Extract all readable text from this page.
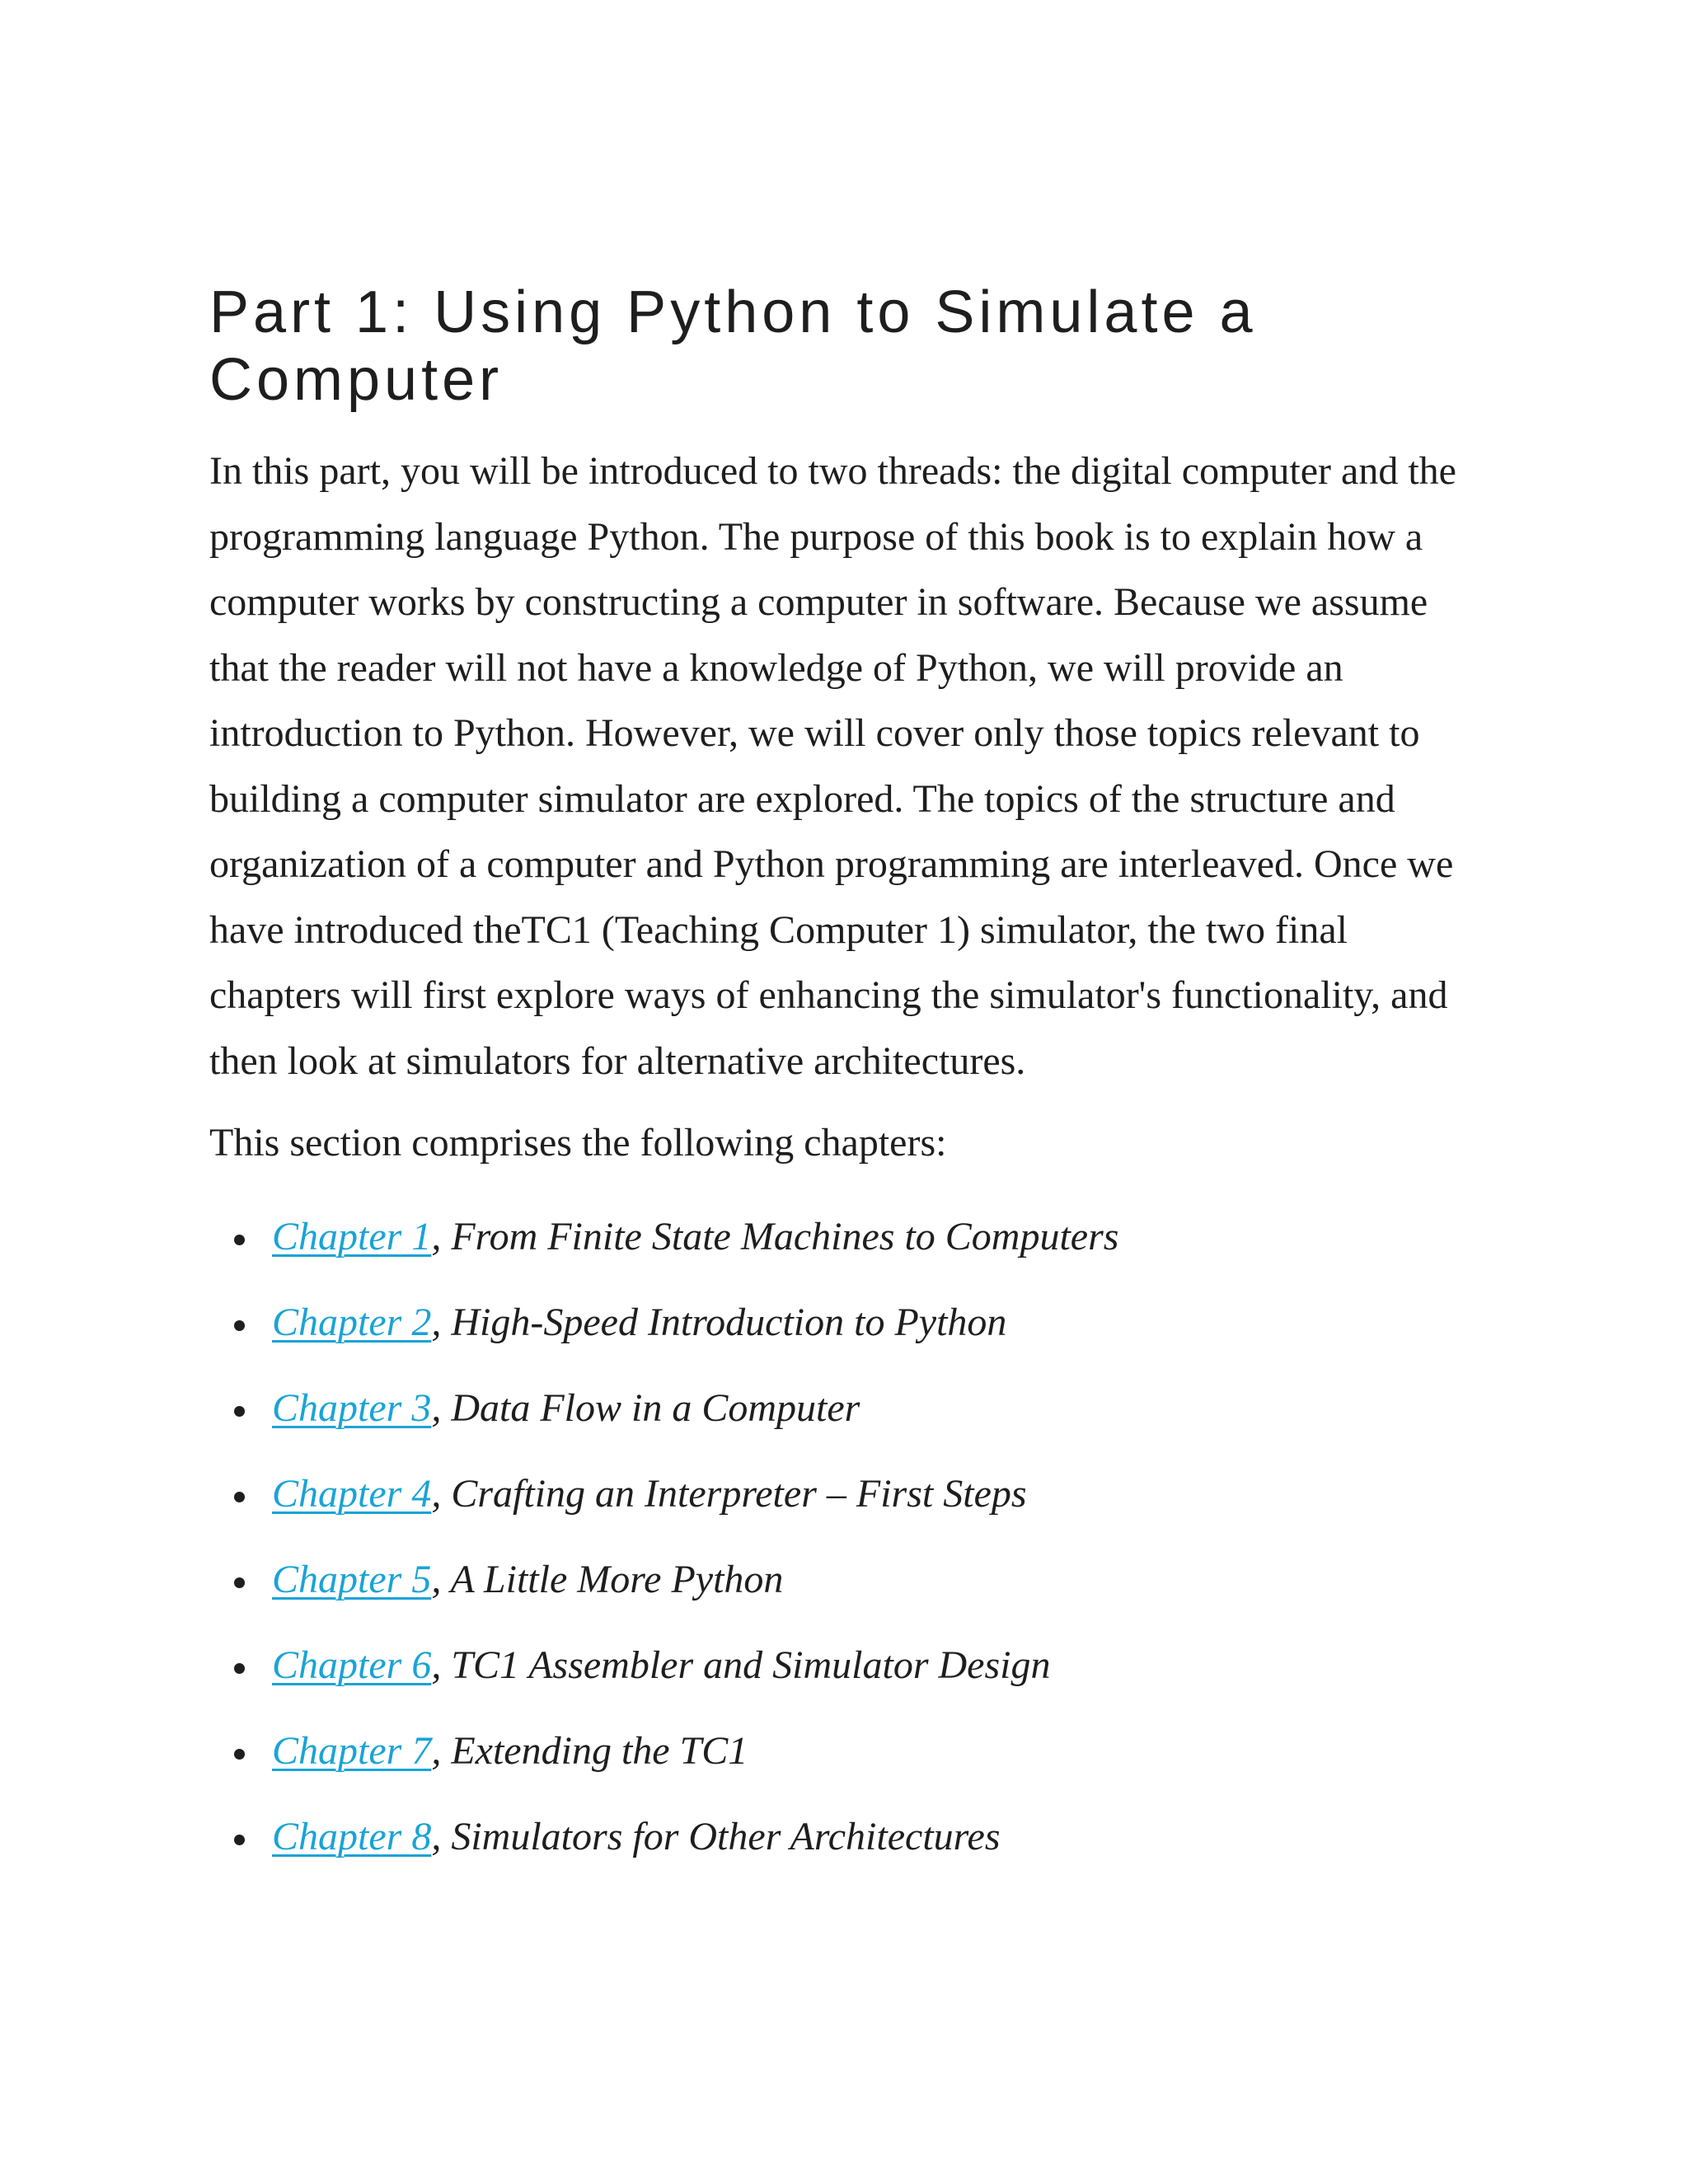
Part 1: Using Python to Simulate a Computer

In this part, you will be introduced to two threads: the digital computer and the programming language Python. The purpose of this book is to explain how a computer works by constructing a computer in software. Because we assume that the reader will not have a knowledge of Python, we will provide an introduction to Python. However, we will cover only those topics relevant to building a computer simulator are explored. The topics of the structure and organization of a computer and Python programming are interleaved. Once we have introduced theTC1 (Teaching Computer 1) simulator, the two final chapters will first explore ways of enhancing the simulator's functionality, and then look at simulators for alternative architectures.

This section comprises the following chapters:

Chapter 1, From Finite State Machines to Computers
Chapter 2, High-Speed Introduction to Python
Chapter 3, Data Flow in a Computer
Chapter 4, Crafting an Interpreter – First Steps
Chapter 5, A Little More Python
Chapter 6, TC1 Assembler and Simulator Design
Chapter 7, Extending the TC1
Chapter 8, Simulators for Other Architectures
